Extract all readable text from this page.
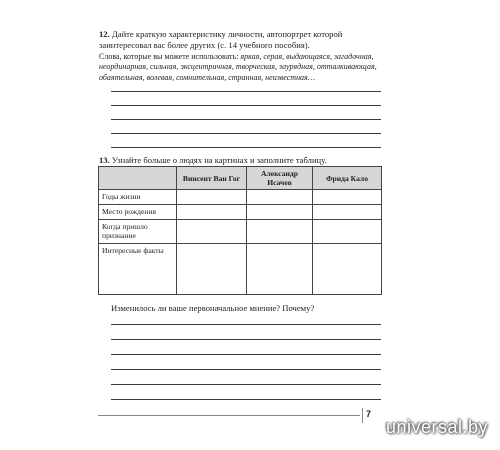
12. Дайте краткую характеристику личности, автопортрет которой заинтересовал вас более других (с. 14 учебного пособия).
Слова, которые вы можете использовать: яркая, серая, выдающаяся, загадочная, неординарная, сильная, эксцентричная, творческая, заурядная, отталкивающая, обаятельная, волевая, сомнительная, странная, неизвестная…
13. Узнайте больше о людях на картинах и заполните таблицу.
	Винсент Ван Гог	Александр Исачев	Фрида Кало
Годы жизни			
Место рождения			
Когда пришло признание			
Интересные факты			
Изменилось ли ваше первоначальное мнение? Почему?
7
universal.by
